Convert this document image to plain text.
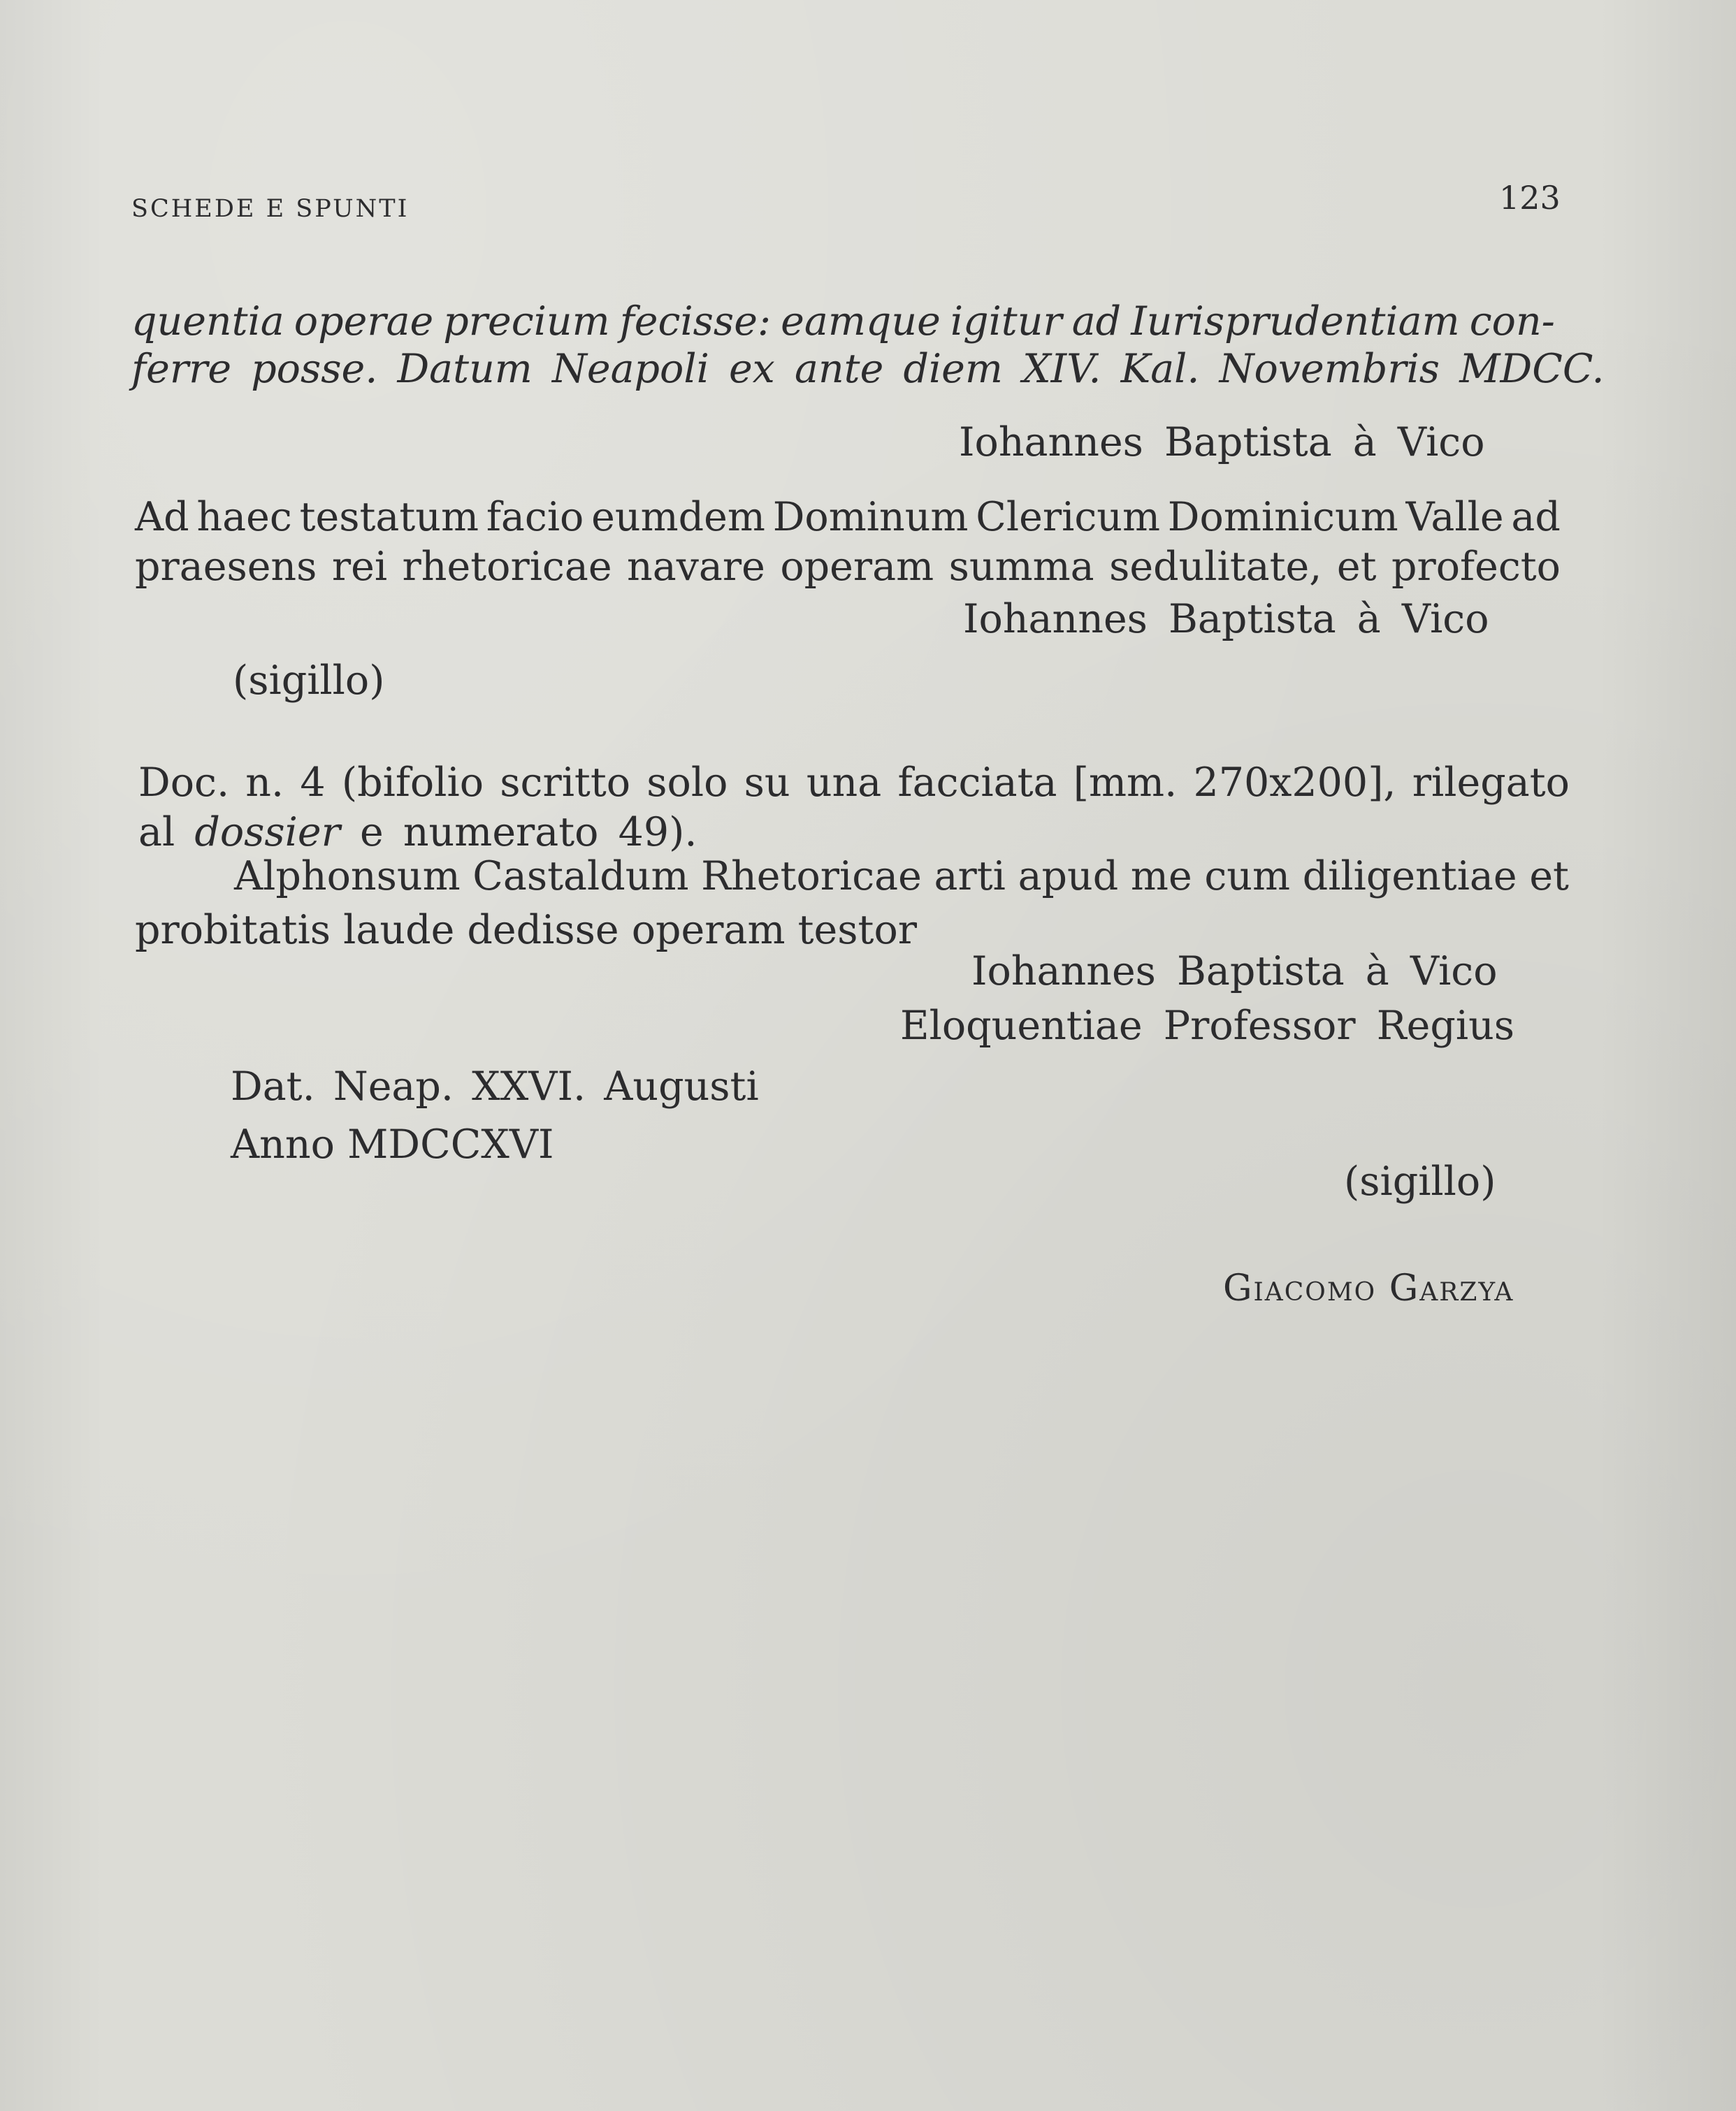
SCHEDE E SPUNTI	123
quentia operae precium fecisse: eamque igitur ad Iurisprudentiam con-
ferre posse. Datum Neapoli ex ante diem XIV. Kal. Novembris MDCC.
Iohannes Baptista à Vico
Ad haec testatum facio eumdem Dominum Clericum Dominicum Valle ad
praesens rei rhetoricae navare operam summa sedulitate, et profecto
Iohannes Baptista à Vico
(sigillo)
Doc. n. 4 (bifolio scritto solo su una facciata [mm. 270x200], rilegato
al dossier e numerato 49).
Alphonsum Castaldum Rhetoricae arti apud me cum diligentiae et
probitatis laude dedisse operam testor
Iohannes Baptista à Vico
Eloquentiae Professor Regius
Dat. Neap. XXVI. Augusti
Anno MDCCXVI
(sigillo)
Giacomo Garzya
